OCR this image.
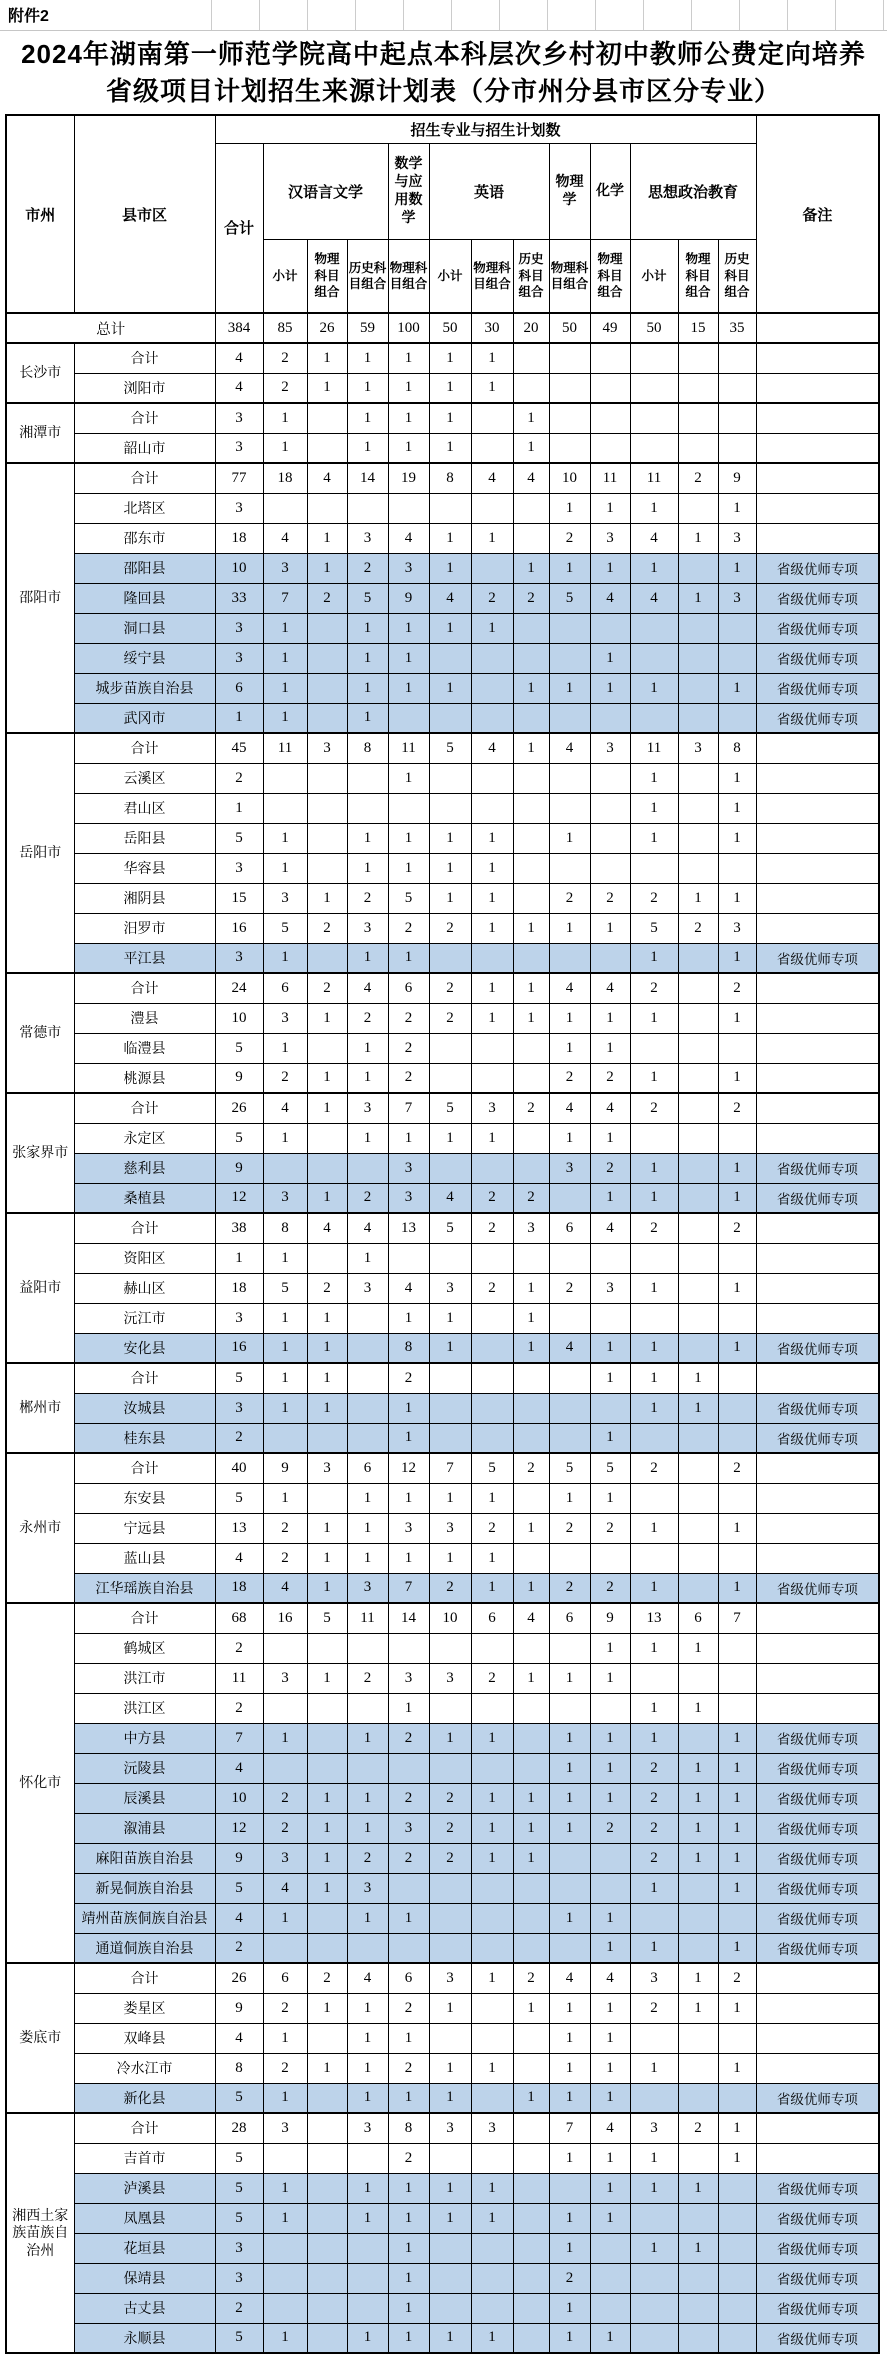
附件2
2024年湖南第一师范学院高中起点本科层次乡村初中教师公费定向培养
省级项目计划招生来源计划表（分市州分县市区分专业）
市州	县市区	招生专业与招生计划数													备注
		合计	汉语言文学			数学与应用数学	英语			物理学	化学	思想政治教育			
			小计	物理科目组合	历史科目组合	物理科目组合	小计	物理科目组合	历史科目组合	物理科目组合	物理科目组合	小计	物理科目组合	历史科目组合	
总计		384	85	26	59	100	50	30	20	50	49	50	15	35	
长沙市	合计	4	2	1	1	1	1	1							
	浏阳市	4	2	1	1	1	1	1							
湘潭市	合计	3	1		1	1	1		1						
	韶山市	3	1		1	1	1		1						
邵阳市	合计	77	18	4	14	19	8	4	4	10	11	11	2	9	
	北塔区	3								1	1	1		1	
	邵东市	18	4	1	3	4	1	1		2	3	4	1	3	
	邵阳县	10	3	1	2	3	1		1	1	1	1		1	省级优师专项
	隆回县	33	7	2	5	9	4	2	2	5	4	4	1	3	省级优师专项
	洞口县	3	1		1	1	1	1							省级优师专项
	绥宁县	3	1		1	1					1				省级优师专项
	城步苗族自治县	6	1		1	1	1		1	1	1	1		1	省级优师专项
	武冈市	1	1		1										省级优师专项
岳阳市	合计	45	11	3	8	11	5	4	1	4	3	11	3	8	
	云溪区	2				1						1		1	
	君山区	1										1		1	
	岳阳县	5	1		1	1	1	1		1		1		1	
	华容县	3	1		1	1	1	1							
	湘阴县	15	3	1	2	5	1	1		2	2	2	1	1	
	汨罗市	16	5	2	3	2	2	1	1	1	1	5	2	3	
	平江县	3	1		1	1						1		1	省级优师专项
常德市	合计	24	6	2	4	6	2	1	1	4	4	2		2	
	澧县	10	3	1	2	2	2	1	1	1	1	1		1	
	临澧县	5	1		1	2				1	1				
	桃源县	9	2	1	1	2				2	2	1		1	
张家界市	合计	26	4	1	3	7	5	3	2	4	4	2		2	
	永定区	5	1		1	1	1	1		1	1				
	慈利县	9				3				3	2	1		1	省级优师专项
	桑植县	12	3	1	2	3	4	2	2		1	1		1	省级优师专项
益阳市	合计	38	8	4	4	13	5	2	3	6	4	2		2	
	资阳区	1	1		1										
	赫山区	18	5	2	3	4	3	2	1	2	3	1		1	
	沅江市	3	1	1		1	1		1						
	安化县	16	1	1		8	1		1	4	1	1		1	省级优师专项
郴州市	合计	5	1	1		2					1	1	1		
	汝城县	3	1	1		1						1	1		省级优师专项
	桂东县	2				1					1				省级优师专项
永州市	合计	40	9	3	6	12	7	5	2	5	5	2		2	
	东安县	5	1		1	1	1	1		1	1				
	宁远县	13	2	1	1	3	3	2	1	2	2	1		1	
	蓝山县	4	2	1	1	1	1	1							
	江华瑶族自治县	18	4	1	3	7	2	1	1	2	2	1		1	省级优师专项
怀化市	合计	68	16	5	11	14	10	6	4	6	9	13	6	7	
	鹤城区	2									1	1	1		
	洪江市	11	3	1	2	3	3	2	1	1	1				
	洪江区	2				1						1	1		
	中方县	7	1		1	2	1	1		1	1	1		1	省级优师专项
	沅陵县	4								1	1	2	1	1	省级优师专项
	辰溪县	10	2	1	1	2	2	1	1	1	1	2	1	1	省级优师专项
	溆浦县	12	2	1	1	3	2	1	1	1	2	2	1	1	省级优师专项
	麻阳苗族自治县	9	3	1	2	2	2	1	1			2	1	1	省级优师专项
	新晃侗族自治县	5	4	1	3							1		1	省级优师专项
	靖州苗族侗族自治县	4	1		1	1				1	1				省级优师专项
	通道侗族自治县	2									1	1		1	省级优师专项
娄底市	合计	26	6	2	4	6	3	1	2	4	4	3	1	2	
	娄星区	9	2	1	1	2	1		1	1	1	2	1	1	
	双峰县	4	1		1	1				1	1				
	冷水江市	8	2	1	1	2	1	1		1	1	1		1	
	新化县	5	1		1	1	1		1	1	1				省级优师专项
湘西土家族苗族自治州	合计	28	3		3	8	3	3		7	4	3	2	1	
	吉首市	5				2				1	1	1		1	
	泸溪县	5	1		1	1	1	1			1	1	1		省级优师专项
	凤凰县	5	1		1	1	1	1		1	1				省级优师专项
	花垣县	3				1				1		1	1		省级优师专项
	保靖县	3				1				2					省级优师专项
	古丈县	2				1				1					省级优师专项
	永顺县	5	1		1	1	1	1		1	1				省级优师专项
